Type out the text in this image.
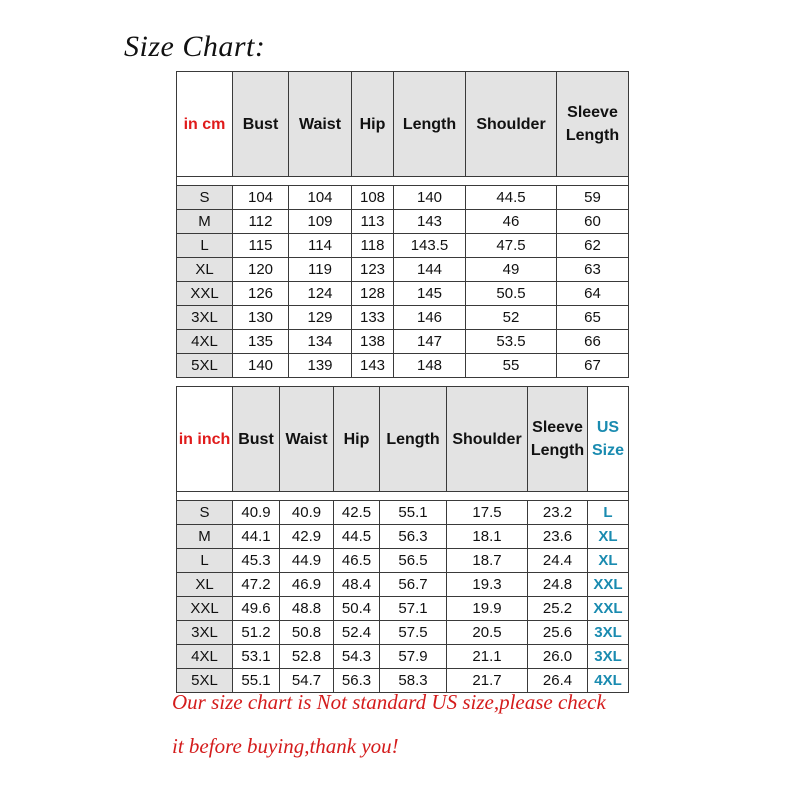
Size Chart:
in cm	Bust	Waist	Hip	Length	Shoulder	Sleeve Length

S	104	104	108	140	44.5	59
M	112	109	113	143	46	60
L	115	114	118	143.5	47.5	62
XL	120	119	123	144	49	63
XXL	126	124	128	145	50.5	64
3XL	130	129	133	146	52	65
4XL	135	134	138	147	53.5	66
5XL	140	139	143	148	55	67
in inch	Bust	Waist	Hip	Length	Shoulder	Sleeve Length	US Size

S	40.9	40.9	42.5	55.1	17.5	23.2	L
M	44.1	42.9	44.5	56.3	18.1	23.6	XL
L	45.3	44.9	46.5	56.5	18.7	24.4	XL
XL	47.2	46.9	48.4	56.7	19.3	24.8	XXL
XXL	49.6	48.8	50.4	57.1	19.9	25.2	XXL
3XL	51.2	50.8	52.4	57.5	20.5	25.6	3XL
4XL	53.1	52.8	54.3	57.9	21.1	26.0	3XL
5XL	55.1	54.7	56.3	58.3	21.7	26.4	4XL
Our size chart is Not standard US size,please check
it before buying,thank you!
